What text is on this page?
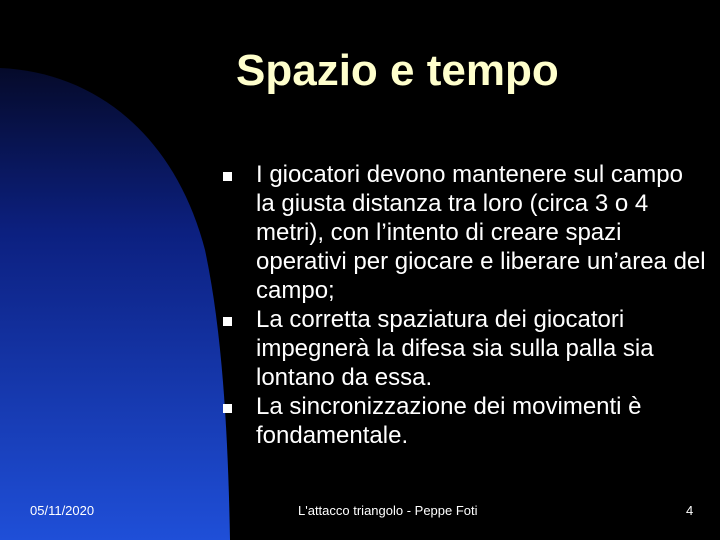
Spazio e tempo
I giocatori devono mantenere sul campo la giusta distanza tra loro (circa 3 o 4 metri), con l’intento di creare spazi operativi per giocare e liberare un’area del campo;
La corretta spaziatura dei giocatori impegnerà la difesa sia sulla palla sia lontano da essa.
La sincronizzazione dei movimenti è fondamentale.
05/11/2020	L'attacco triangolo - Peppe Foti	4
